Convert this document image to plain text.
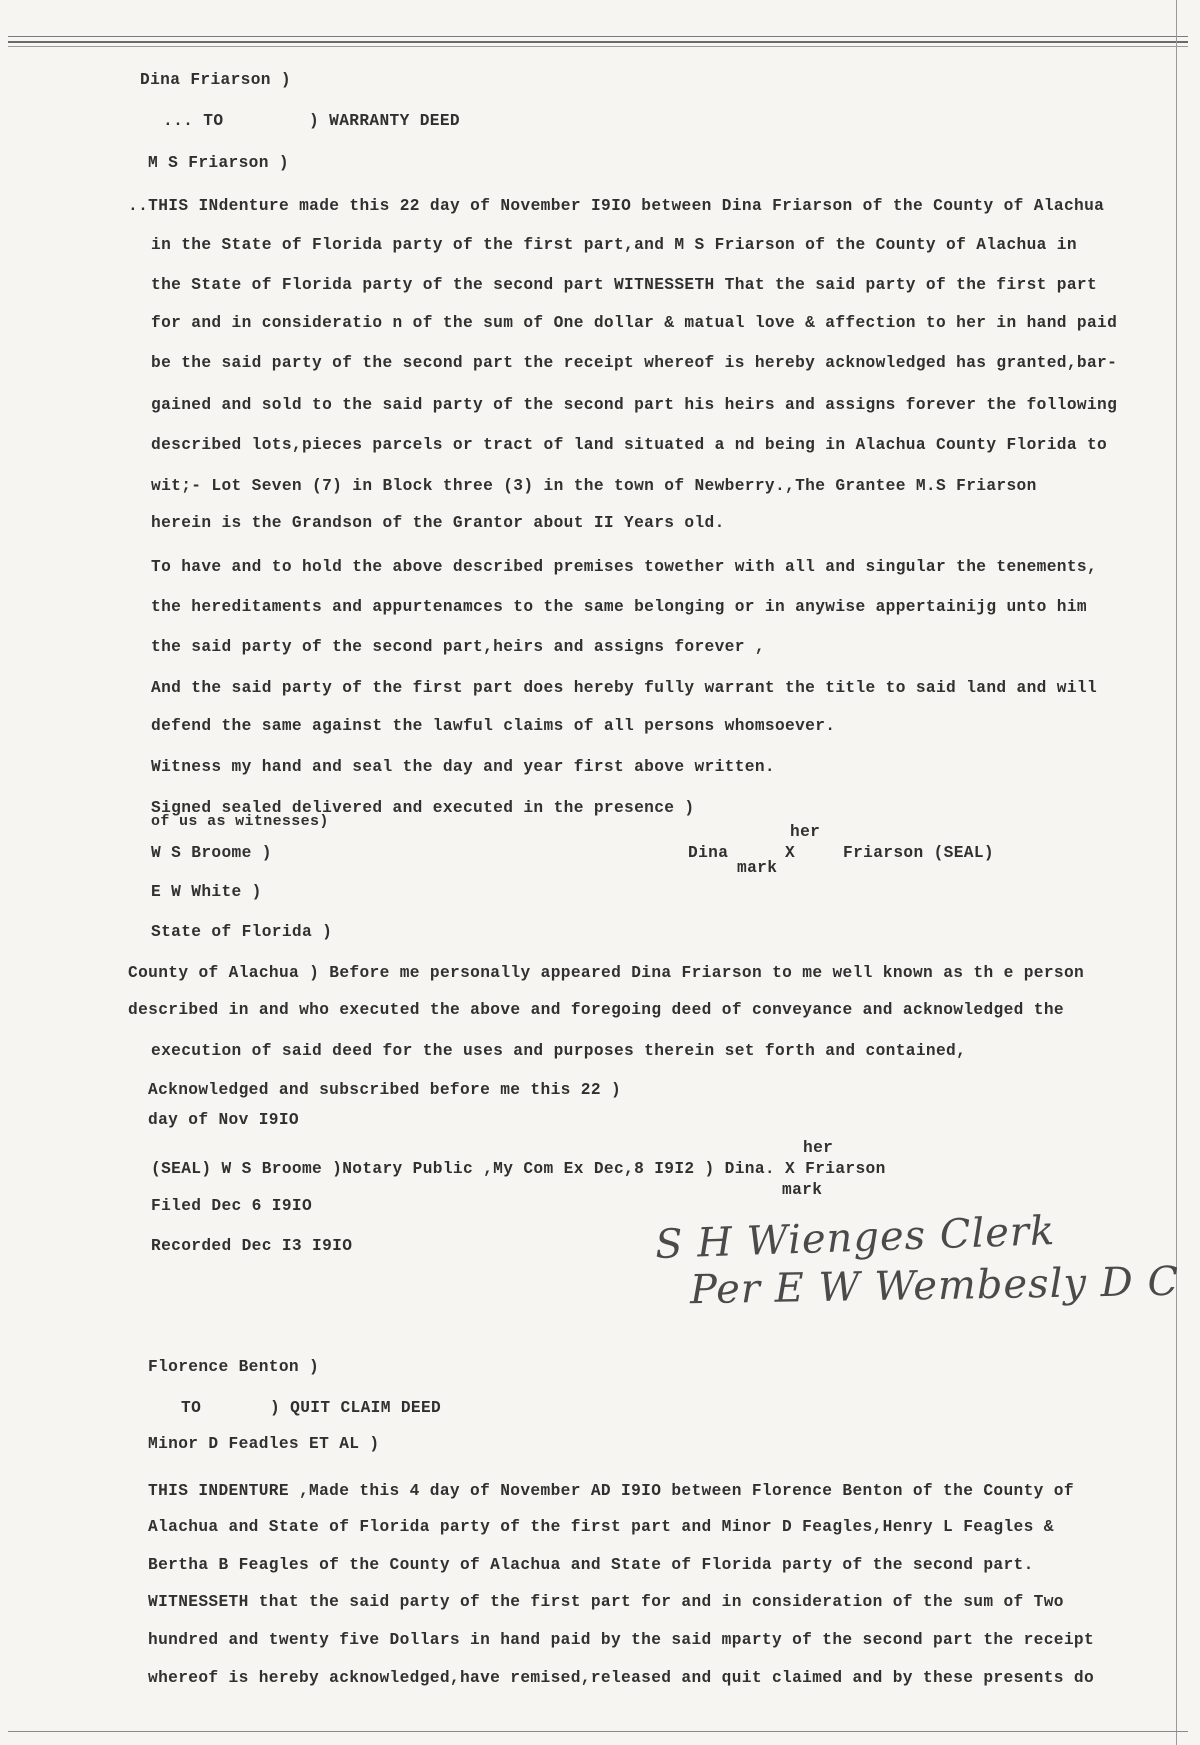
Dina Friarson )
... TO	) WARRANTY DEED
M S Friarson )
..THIS INdenture made this 22 day of November I9IO between Dina Friarson of the County of Alachua
in the State of Florida party of the first part,and M S Friarson of the County of Alachua in
the State of Florida party of the second part WITNESSETH That the said party of the first part
for and in consideratio n of the sum of One dollar & matual love & affection to her in hand paid
be the said party of the second part the receipt whereof is hereby acknowledged has granted,bar-
gained and sold to the said party of the second part his heirs and assigns forever the following
described lots,pieces parcels or tract of land situated a nd being in Alachua County Florida to
wit;- Lot Seven (7) in Block three (3) in the town of Newberry.,The Grantee M.S Friarson
herein is the Grandson of the Grantor about II Years old.
To have and to hold the above described premises towether with all and singular the tenements,
the hereditaments and appurtenamces to the same belonging or in anywise appertainijg unto him
the said party of the second part,heirs and assigns forever ,
And the said party of the first part does hereby fully warrant the title to said land and will
defend the same against the lawful claims of all persons whomsoever.
Witness my hand and seal the day and year first above written.
Signed sealed delivered and executed in the presence )
of us as witnesses)
her
W S Broome )	Dina	X	Friarson (SEAL)
mark
E W White )
State of Florida )
County of Alachua ) Before me personally appeared Dina Friarson to me well known as th e person
described in and who executed the above and foregoing deed of conveyance and acknowledged the
execution of said deed for the uses and purposes therein set forth and contained,
Acknowledged and subscribed before me this 22 )
day of Nov I9IO
her
(SEAL) W S Broome )Notary Public ,My Com Ex Dec,8 I9I2 ) Dina. X Friarson
mark
Filed Dec 6 I9IO
Recorded Dec I3 I9IO	S H Wienges Clerk
Per E W Wembesly D C
Florence Benton )
TO	) QUIT CLAIM DEED
Minor D Feadles ET AL )
THIS INDENTURE ,Made this 4 day of November AD I9IO between Florence Benton of the County of
Alachua and State of Florida party of the first part and Minor D Feagles,Henry L Feagles &
Bertha B Feagles of the County of Alachua and State of Florida party of the second part.
WITNESSETH that the said party of the first part for and in consideration of the sum of Two
hundred and twenty five Dollars in hand paid by the said mparty of the second part the receipt
whereof is hereby acknowledged,have remised,released and quit claimed and by these presents do
